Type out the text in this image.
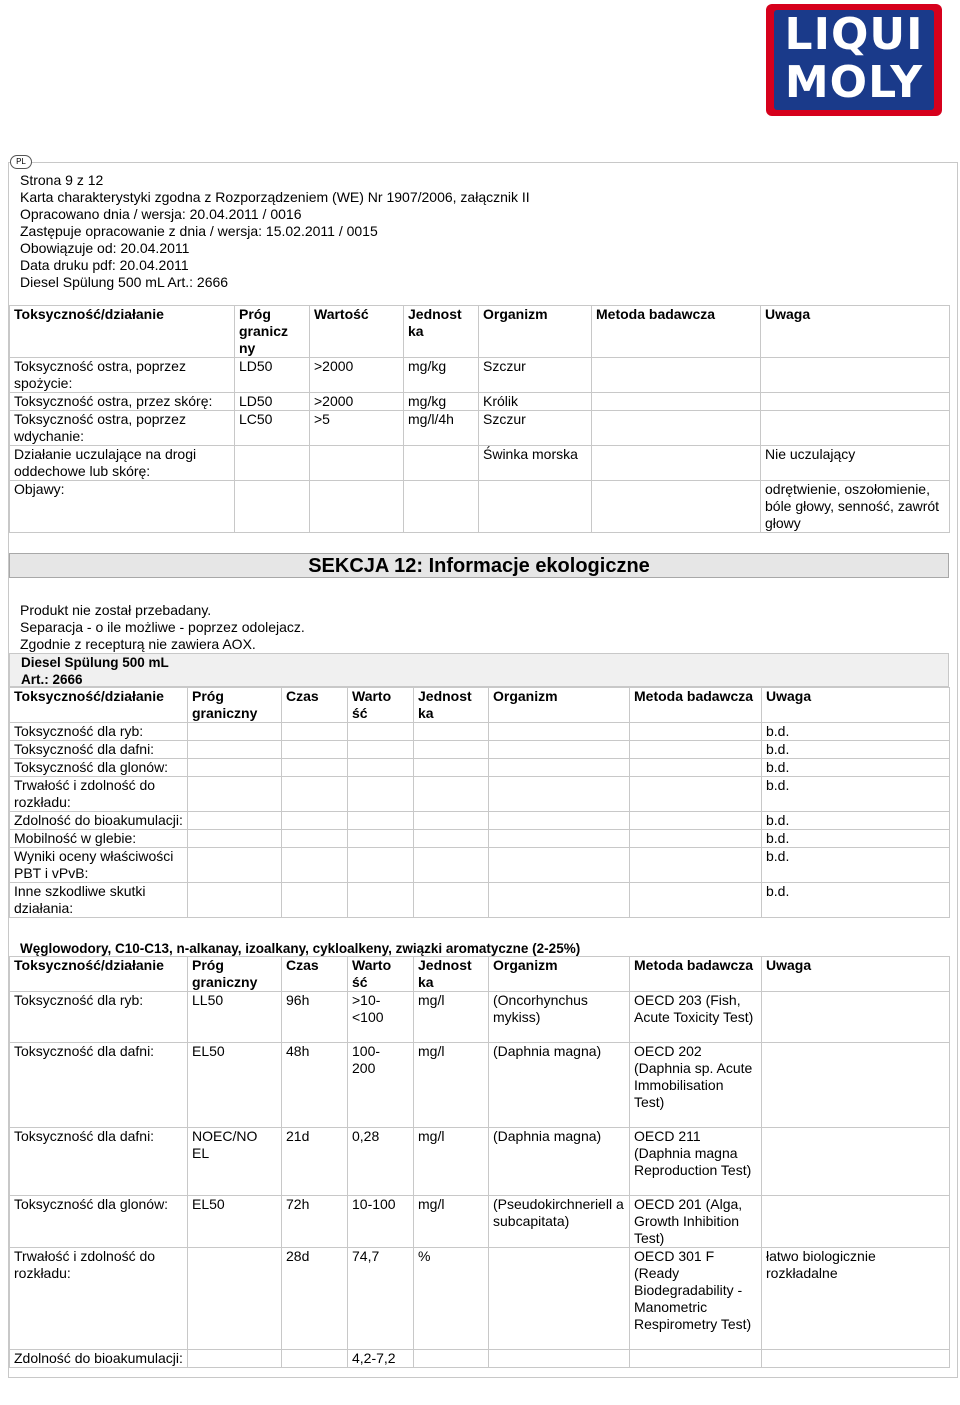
LIQUI
MOLY
PL
Strona 9 z 12
Karta charakterystyki zgodna z Rozporządzeniem (WE) Nr 1907/2006, załącznik II
Opracowano dnia / wersja: 20.04.2011 / 0016
Zastępuje opracowanie z dnia / wersja: 15.02.2011 / 0015
Obowiązuje od: 20.04.2011
Data druku pdf: 20.04.2011
Diesel Spülung 500 mL Art.: 2666
Toksyczność/działanie	Próg granicz ny	Wartość	Jednost ka	Organizm	Metoda badawcza	Uwaga
Toksyczność ostra, poprzez spożycie:	LD50	>2000	mg/kg	Szczur		
Toksyczność ostra, przez skórę:	LD50	>2000	mg/kg	Królik		
Toksyczność ostra, poprzez wdychanie:	LC50	>5	mg/l/4h	Szczur		
Działanie uczulające na drogi oddechowe lub skórę:				Świnka morska		Nie uczulający
Objawy:						odrętwienie, oszołomienie, bóle głowy, senność, zawrót głowy
SEKCJA 12: Informacje ekologiczne
Produkt nie został przebadany.
Separacja - o ile możliwe - poprzez odolejacz.
Zgodnie z recepturą nie zawiera AOX.
Diesel Spülung 500 mL
Art.: 2666
Toksyczność/działanie	Próg graniczny	Czas	Warto ść	Jednost ka	Organizm	Metoda badawcza	Uwaga
Toksyczność dla ryb:							b.d.
Toksyczność dla dafni:							b.d.
Toksyczność dla glonów:							b.d.
Trwałość i zdolność do rozkładu:							b.d.
Zdolność do bioakumulacji:							b.d.
Mobilność w glebie:							b.d.
Wyniki oceny właściwości PBT i vPvB:							b.d.
Inne szkodliwe skutki działania:							b.d.
Węglowodory, C10-C13, n-alkanay, izoalkany, cykloalkeny, związki aromatyczne (2-25%)
Toksyczność/działanie	Próg graniczny	Czas	Warto ść	Jednost ka	Organizm	Metoda badawcza	Uwaga
Toksyczność dla ryb:	LL50	96h	>10- <100	mg/l	(Oncorhynchus mykiss)	OECD 203 (Fish, Acute Toxicity Test)	
Toksyczność dla dafni:	EL50	48h	100- 200	mg/l	(Daphnia magna)	OECD 202 (Daphnia sp. Acute Immobilisation Test)	
Toksyczność dla dafni:	NOEC/NO EL	21d	0,28	mg/l	(Daphnia magna)	OECD 211 (Daphnia magna Reproduction Test)	
Toksyczność dla glonów:	EL50	72h	10-100	mg/l	(Pseudokirchneriell a subcapitata)	OECD 201 (Alga, Growth Inhibition Test)	
Trwałość i zdolność do rozkładu:		28d	74,7	%		OECD 301 F (Ready Biodegradability - Manometric Respirometry Test)	łatwo biologicznie rozkładalne
Zdolność do bioakumulacji:			4,2-7,2				
